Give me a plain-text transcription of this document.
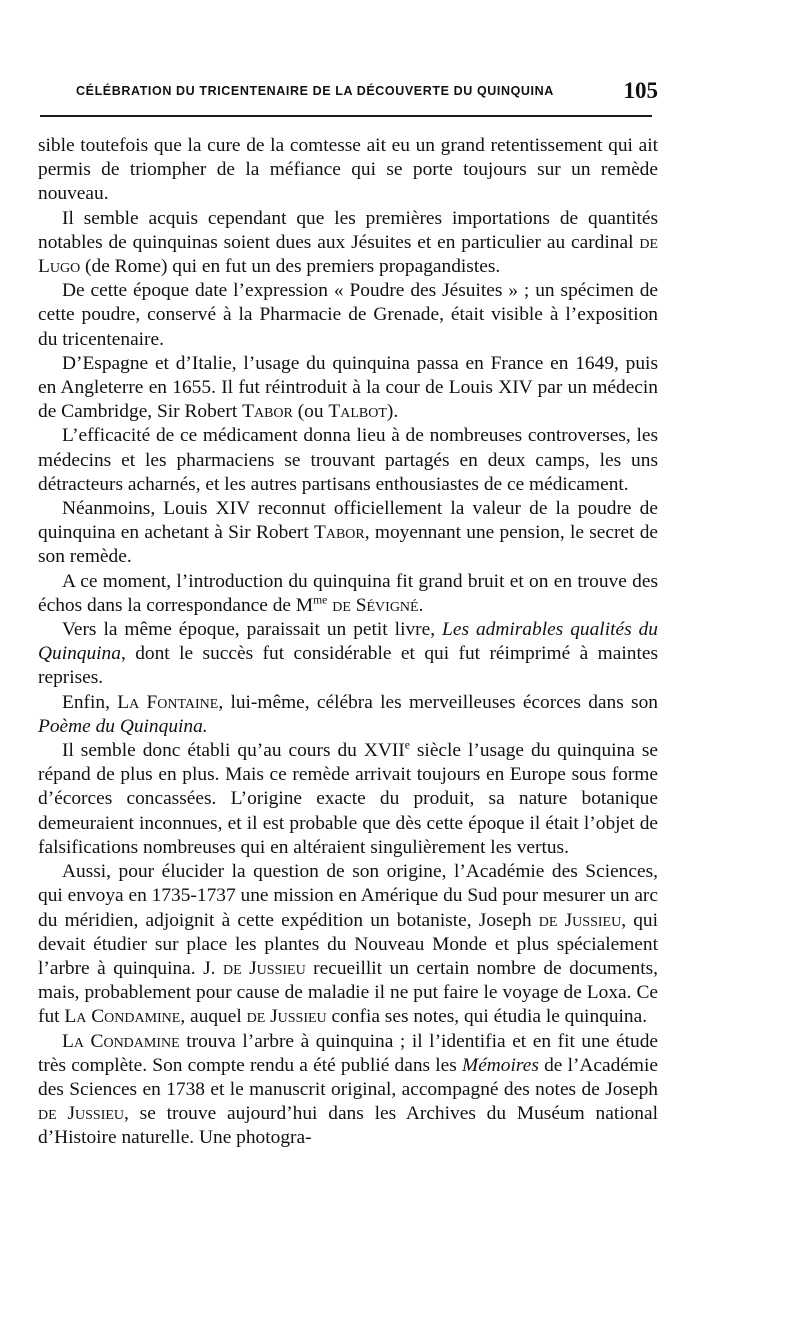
CÉLÉBRATION DU TRICENTENAIRE DE LA DÉCOUVERTE DU QUINQUINA	105

sible toutefois que la cure de la comtesse ait eu un grand retentissement qui ait permis de triompher de la méfiance qui se porte toujours sur un remède nouveau.

Il semble acquis cependant que les premières importations de quantités notables de quinquinas soient dues aux Jésuites et en particulier au cardinal de Lugo (de Rome) qui en fut un des premiers propagandistes.

De cette époque date l’expression « Poudre des Jésuites » ; un spécimen de cette poudre, conservé à la Pharmacie de Grenade, était visible à l’exposition du tricentenaire.

D’Espagne et d’Italie, l’usage du quinquina passa en France en 1649, puis en Angleterre en 1655. Il fut réintroduit à la cour de Louis XIV par un médecin de Cambridge, Sir Robert Tabor (ou Talbot).

L’efficacité de ce médicament donna lieu à de nombreuses controverses, les médecins et les pharmaciens se trouvant partagés en deux camps, les uns détracteurs acharnés, et les autres partisans enthousiastes de ce médicament.

Néanmoins, Louis XIV reconnut officiellement la valeur de la poudre de quinquina en achetant à Sir Robert Tabor, moyennant une pension, le secret de son remède.

A ce moment, l’introduction du quinquina fit grand bruit et on en trouve des échos dans la correspondance de $M^{me}$ de Sévigné.

Vers la même époque, paraissait un petit livre, Les admirables qualités du Quinquina, dont le succès fut considérable et qui fut réimprimé à maintes reprises.

Enfin, La Fontaine, lui-même, célébra les merveilleuses écorces dans son Poème du Quinquina.

Il semble donc établi qu’au cours du XVIIe siècle l’usage du quinquina se répand de plus en plus. Mais ce remède arrivait toujours en Europe sous forme d’écorces concassées. L’origine exacte du produit, sa nature botanique demeuraient inconnues, et il est probable que dès cette époque il était l’objet de falsifications nombreuses qui en altéraient singulièrement les vertus.

Aussi, pour élucider la question de son origine, l’Académie des Sciences, qui envoya en 1735-1737 une mission en Amérique du Sud pour mesurer un arc du méridien, adjoignit à cette expédition un botaniste, Joseph de Jussieu, qui devait étudier sur place les plantes du Nouveau Monde et plus spécialement l’arbre à quinquina. J. de Jussieu recueillit un certain nombre de documents, mais, probablement pour cause de maladie il ne put faire le voyage de Loxa. Ce fut La Condamine, auquel de Jussieu confia ses notes, qui étudia le quinquina.

La Condamine trouva l’arbre à quinquina ; il l’identifia et en fit une étude très complète. Son compte rendu a été publié dans les Mémoires de l’Académie des Sciences en 1738 et le manuscrit original, accompagné des notes de Joseph de Jussieu, se trouve aujourd’hui dans les Archives du Muséum national d’Histoire naturelle. Une photogra-
